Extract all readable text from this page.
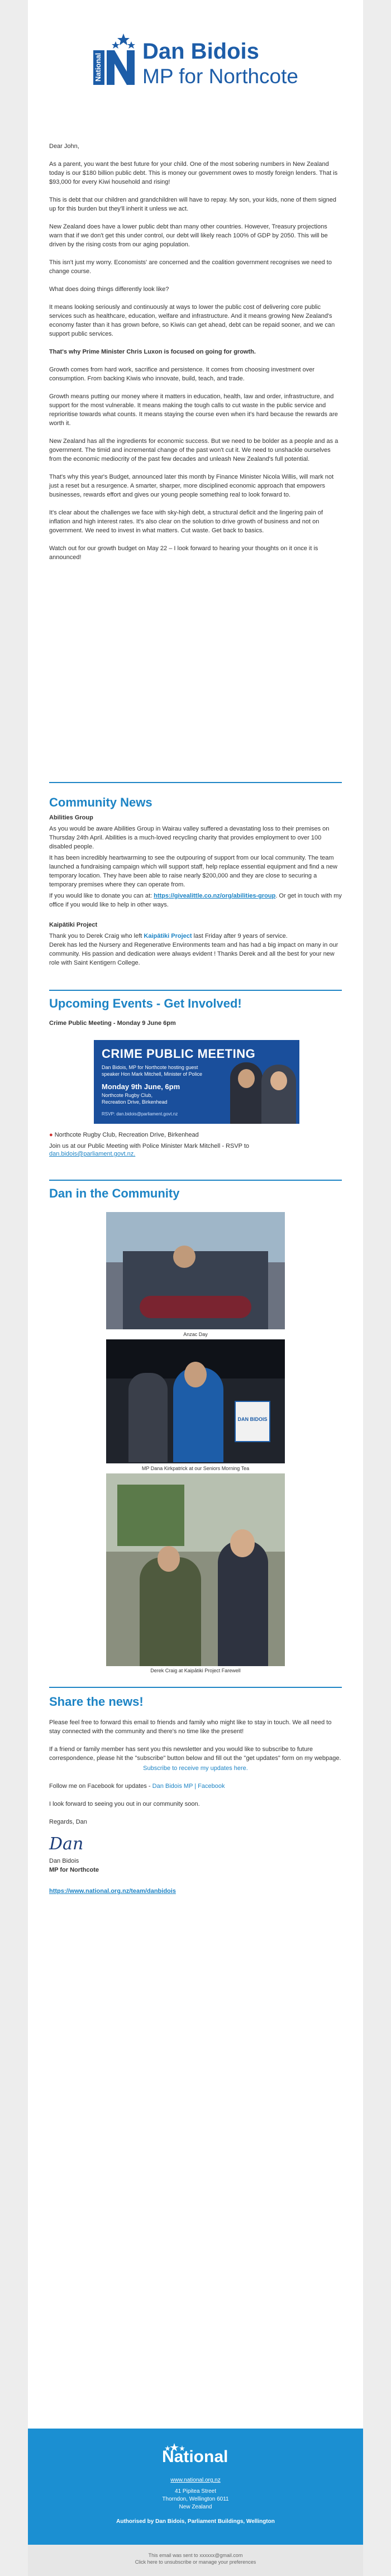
National
Dan Bidois
MP for Northcote

Dear John,

As a parent, you want the best future for your child. One of the most sobering numbers in New Zealand today is our $180 billion public debt. This is money our government owes to mostly foreign lenders. That is $93,000 for every Kiwi household and rising!

This is debt that our children and grandchildren will have to repay. My son, your kids, none of them signed up for this burden but they'll inherit it unless we act.

New Zealand does have a lower public debt than many other countries. However, Treasury projections warn that if we don't get this under control, our debt will likely reach 100% of GDP by 2050. This will be driven by the rising costs from our aging population.

This isn't just my worry. Economists' are concerned and the coalition government recognises we need to change course.

What does doing things differently look like?

It means looking seriously and continuously at ways to lower the public cost of delivering core public services such as healthcare, education, welfare and infrastructure. And it means growing New Zealand's economy faster than it has grown before, so Kiwis can get ahead, debt can be repaid sooner, and we can support public services.

That's why Prime Minister Chris Luxon is focused on going for growth.

Growth comes from hard work, sacrifice and persistence. It comes from choosing investment over consumption. From backing Kiwis who innovate, build, teach, and trade.

Growth means putting our money where it matters in education, health, law and order, infrastructure, and support for the most vulnerable. It means making the tough calls to cut waste in the public service and reprioritise towards what counts. It means staying the course even when it's hard because the rewards are worth it.

New Zealand has all the ingredients for economic success. But we need to be bolder as a people and as a government. The timid and incremental change of the past won't cut it. We need to unshackle ourselves from the economic mediocrity of the past few decades and unleash New Zealand's full potential.

That's why this year's Budget, announced later this month by Finance Minister Nicola Willis, will mark not just a reset but a resurgence. A smarter, sharper, more disciplined economic approach that empowers businesses, rewards effort and gives our young people something real to look forward to.

It's clear about the challenges we face with sky-high debt, a structural deficit and the lingering pain of inflation and high interest rates. It's also clear on the solution to drive growth of business and not on government. We need to invest in what matters. Cut waste. Get back to basics.

Watch out for our growth budget on May 22 – I look forward to hearing your thoughts on it once it is announced!

Community News

Abilities Group

As you would be aware Abilities Group in Wairau valley suffered a devastating loss to their premises on Thursday 24th April. Abilities is a much-loved recycling charity that provides employment to over 100 disabled people.

It has been incredibly heartwarming to see the outpouring of support from our local community. The team launched a fundraising campaign which will support staff, help replace essential equipment and find a new temporary location. They have been able to raise nearly $200,000 and they are close to securing a temporary premises where they can operate from.

If you would like to donate you can at: https://givealittle.co.nz/org/abilities-group. Or get in touch with my office if you would like to help in other ways.

Kaipātiki Project

Thank you to Derek Craig who left Kaipātiki Project last Friday after 9 years of service.

Derek has led the Nursery and Regenerative Environments team and has had a big impact on many in our community. His passion and dedication were always evident ! Thanks Derek and all the best for your new role with Saint Kentigern College.

Upcoming Events - Get Involved!

Crime Public Meeting - Monday 9 June 6pm

CRIME PUBLIC MEETING
Dan Bidois, MP for Northcote hosting guest
speaker Hon Mark Mitchell, Minister of Police
Monday 9th June, 6pm
Northcote Rugby Club,
Recreation Drive, Birkenhead
RSVP: dan.bidois@parliament.govt.nz

● Northcote Rugby Club, Recreation Drive, Birkenhead

Join us at our Public Meeting with Police Minister Mark Mitchell - RSVP to

dan.bidois@parliament.govt.nz.
Dan in the Community
Anzac Day
DAN BIDOIS
MP Dana Kirkpatrick at our Seniors Morning Tea
Derek Craig at Kaipātiki Project Farewell
Share the news!

Please feel free to forward this email to friends and family who might like to stay in touch. We all need to stay connected with the community and there's no time like the present!

If a friend or family member has sent you this newsletter and you would like to subscribe to future correspondence, please hit the "subscribe" button below and fill out the "get updates" form on my webpage.

Subscribe to receive my updates here.

Follow me on Facebook for updates - Dan Bidois MP | Facebook

I look forward to seeing you out in our community soon.

Regards, Dan

Dan

Dan Bidois

MP for Northcote

https://www.national.org.nz/team/danbidois

National
www.national.org.nz
41 Pipitea Street
Thorndon, Wellington 6011
New Zealand
Authorised by Dan Bidois, Parliament Buildings, Wellington
This email was sent to xxxxxx@gmail.com
Click here to unsubscribe or manage your preferences
